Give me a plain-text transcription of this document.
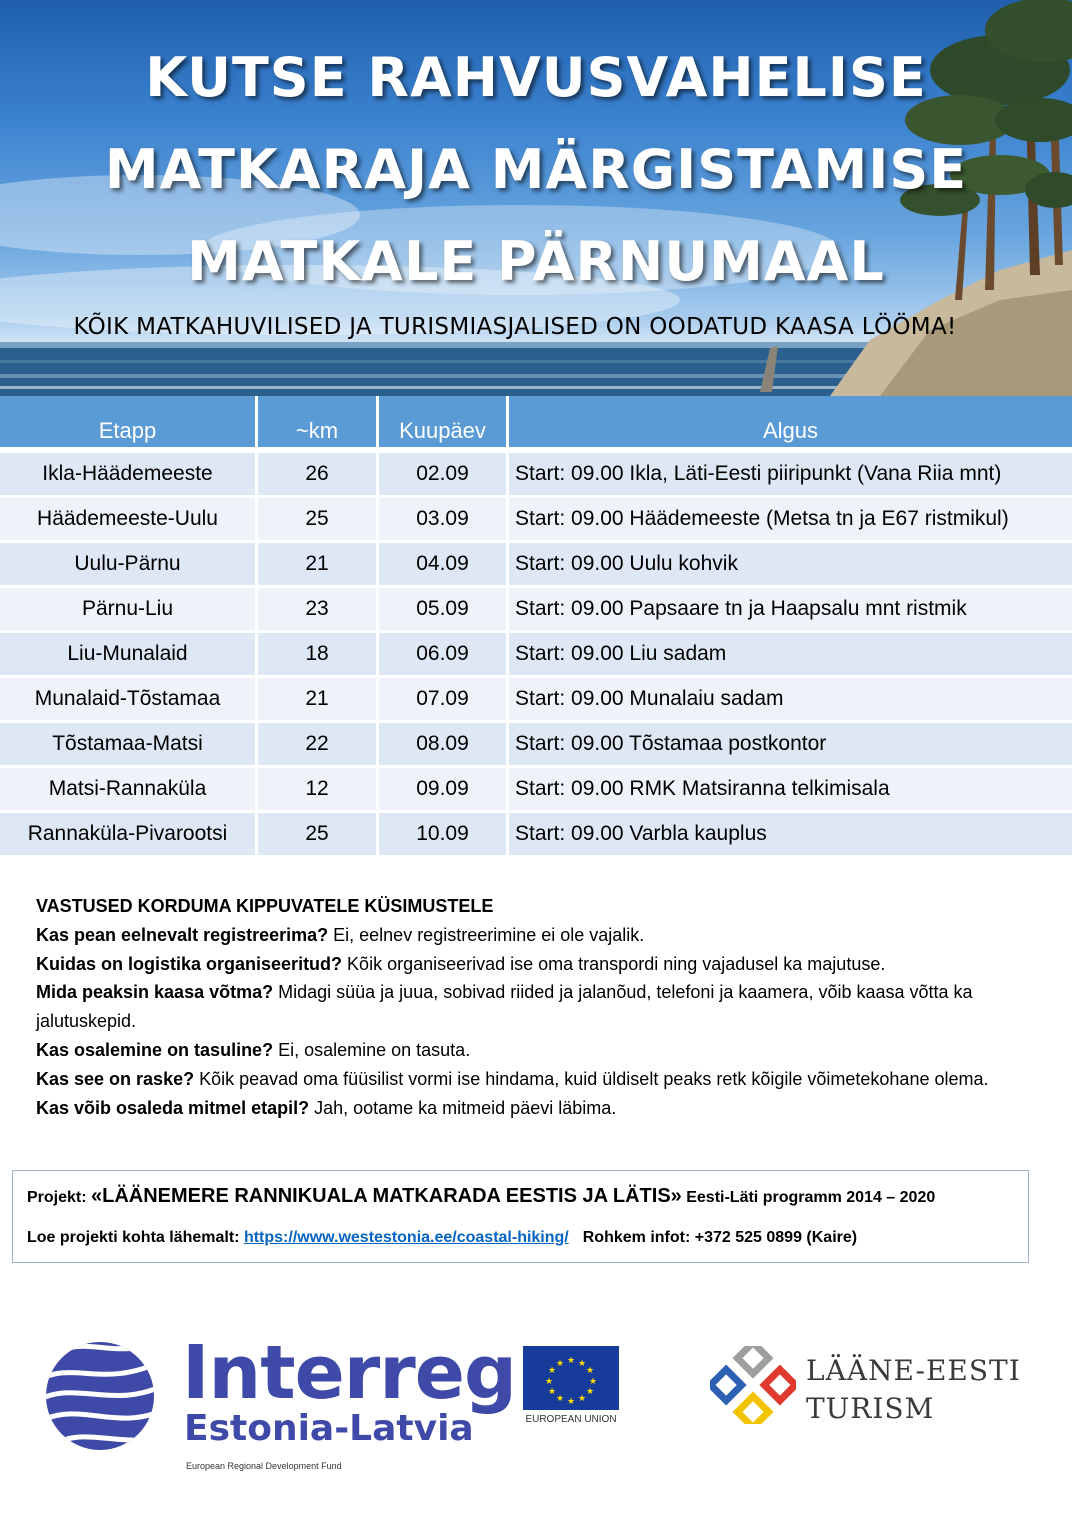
KUTSE RAHVUSVAHELISE
MATKARAJA MÄRGISTAMISE
MATKALE PÄRNUMAAL
KÕIK MATKAHUVILISED JA TURISMIASJALISED ON OODATUD KAASA LÖÖMA!
Etapp	~km	Kuupäev	Algus
Ikla-Häädemeeste	26	02.09	Start: 09.00 Ikla, Läti-Eesti piiripunkt (Vana Riia mnt)
Häädemeeste-Uulu	25	03.09	Start: 09.00 Häädemeeste (Metsa tn ja E67 ristmikul)
Uulu-Pärnu	21	04.09	Start: 09.00 Uulu kohvik
Pärnu-Liu	23	05.09	Start: 09.00 Papsaare tn ja Haapsalu mnt ristmik
Liu-Munalaid	18	06.09	Start: 09.00 Liu sadam
Munalaid-Tõstamaa	21	07.09	Start: 09.00 Munalaiu sadam
Tõstamaa-Matsi	22	08.09	Start: 09.00 Tõstamaa postkontor
Matsi-Rannaküla	12	09.09	Start: 09.00 RMK Matsiranna telkimisala
Rannaküla-Pivarootsi	25	10.09	Start: 09.00 Varbla kauplus

VASTUSED KORDUMA KIPPUVATELE KÜSIMUSTELE

Kas pean eelnevalt registreerima? Ei, eelnev registreerimine ei ole vajalik.

Kuidas on logistika organiseeritud? Kõik organiseerivad ise oma transpordi ning vajadusel ka majutuse.

Mida peaksin kaasa võtma? Midagi süüa ja juua, sobivad riided ja jalanõud, telefoni ja kaamera, võib kaasa võtta ka jalutuskepid.

Kas osalemine on tasuline? Ei, osalemine on tasuta.

Kas see on raske? Kõik peavad oma füüsilist vormi ise hindama, kuid üldiselt peaks retk kõigile võimetekohane olema.

Kas võib osaleda mitmel etapil? Jah, ootame ka mitmeid päevi läbima.

Projekt: «LÄÄNEMERE RANNIKUALA MATKARADA EESTIS JA LÄTIS» Eesti-Läti programm 2014 – 2020
Loe projekti kohta lähemalt: https://www.westestonia.ee/coastal-hiking/ Rohkem infot: +372 525 0899 (Kaire)
Interreg
Estonia-Latvia
European Regional Development Fund
★ ★
★
★
★
★
★
★
★
★
★
★
EUROPEAN UNION
LÄÄNE-EESTI
TURISM
